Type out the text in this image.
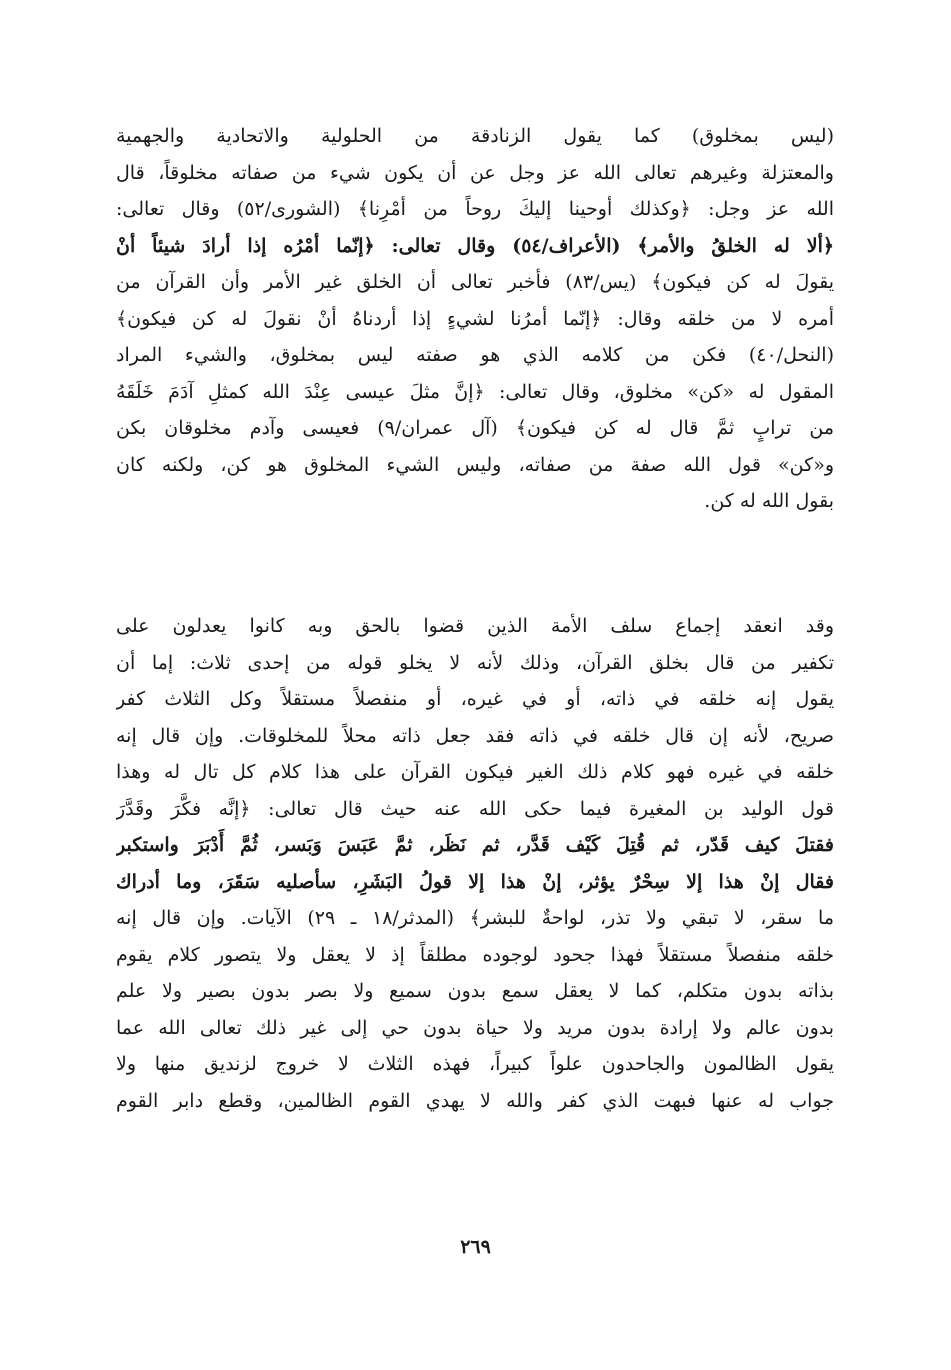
(ليس بمخلوق) كما يقول الزنادقة من الحلولية والاتحادية والجهمية
والمعتزلة وغيرهم تعالى الله عز وجل عن أن يكون شيء من صفاته مخلوقاً، قال
الله عز وجل: ﴿وكذلك أوحينا إليكَ روحاً من أمْرِنا﴾ (الشورى/٥٢) وقال تعالى:
﴿ألا له الخلقُ والأمر﴾ (الأعراف/٥٤) وقال تعالى: ﴿إنّما أمْرُه إذا أرادَ شيئاً أنْ
يقولَ له كن فيكون﴾ (يس/٨٣) فأخبر تعالى أن الخلق غير الأمر وأن القرآن من
أمره لا من خلقه وقال: ﴿إنّما أمرُنا لشيءٍ إذا أردناهُ أنْ نقولَ له كن فيكون﴾
(النحل/٤٠) فكن من كلامه الذي هو صفته ليس بمخلوق، والشيء المراد
المقول له «كن» مخلوق، وقال تعالى: ﴿إنَّ مثلَ عيسى عِنْدَ الله كمثلِ آدَمَ خَلَقَهُ
من ترابٍ ثمَّ قال له كن فيكون﴾ (آل عمران/٩) فعيسى وآدم مخلوقان بكن
و«كن» قول الله صفة من صفاته، وليس الشيء المخلوق هو كن، ولكنه كان
بقول الله له كن.
وقد انعقد إجماع سلف الأمة الذين قضوا بالحق وبه كانوا يعدلون على
تكفير من قال بخلق القرآن، وذلك لأنه لا يخلو قوله من إحدى ثلاث: إما أن
يقول إنه خلقه في ذاته، أو في غيره، أو منفصلاً مستقلاً وكل الثلاث كفر
صريح، لأنه إن قال خلقه في ذاته فقد جعل ذاته محلاً للمخلوقات. وإن قال إنه
خلقه في غيره فهو كلام ذلك الغير فيكون القرآن على هذا كلام كل تال له وهذا
قول الوليد بن المغيرة فيما حكى الله عنه حيث قال تعالى: ﴿إنَّه فكَّرَ وقَدَّرَ
فقتلَ كيف قَدّر، ثم قُتِلَ كَيْف قَدَّر، ثم نَظَر، ثمَّ عَبَسَ وَبَسر، ثُمَّ أَدْبَرَ واستكبر
فقال إنْ هذا إلا سِحْرٌ يؤثر، إنْ هذا إلا قولُ البَشَرِ، سأصليه سَقَرَ، وما أدراك
ما سقر، لا تبقي ولا تذر، لواحةٌ للبشر﴾ (المدثر/١٨ ـ ٢٩) الآيات. وإن قال إنه
خلقه منفصلاً مستقلاً فهذا جحود لوجوده مطلقاً إذ لا يعقل ولا يتصور كلام يقوم
بذاته بدون متكلم، كما لا يعقل سمع بدون سميع ولا بصر بدون بصير ولا علم
بدون عالم ولا إرادة بدون مريد ولا حياة بدون حي إلى غير ذلك تعالى الله عما
يقول الظالمون والجاحدون علواً كبيراً، فهذه الثلاث لا خروج لزنديق منها ولا
جواب له عنها فبهت الذي كفر والله لا يهدي القوم الظالمين، وقطع دابر القوم
٢٦٩
